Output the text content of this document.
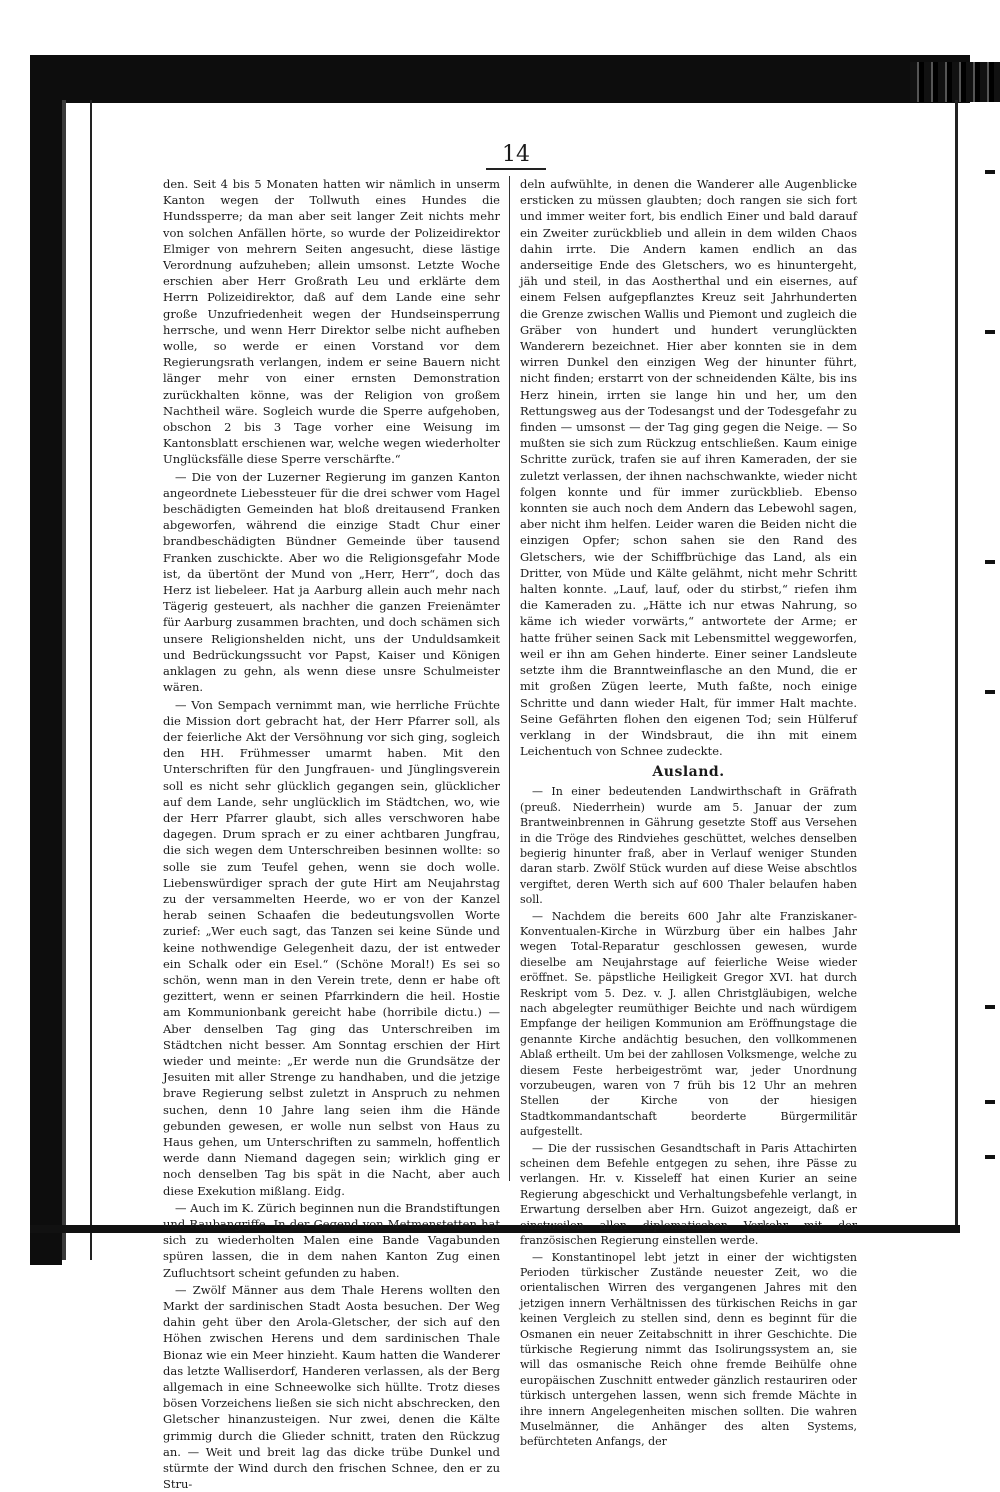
14

den. Seit 4 bis 5 Monaten hatten wir nämlich in unserm Kanton wegen der Tollwuth eines Hundes die Hundssperre; da man aber seit langer Zeit nichts mehr von solchen Anfällen hörte, so wurde der Polizeidirektor Elmiger von mehrern Seiten angesucht, diese lästige Verordnung aufzuheben; allein umsonst. Letzte Woche erschien aber Herr Großrath Leu und erklärte dem Herrn Polizeidirektor, daß auf dem Lande eine sehr große Unzufriedenheit wegen der Hundseinsperrung herrsche, und wenn Herr Direktor selbe nicht aufheben wolle, so werde er einen Vorstand vor dem Regierungsrath verlangen, indem er seine Bauern nicht länger mehr von einer ernsten Demonstration zurückhalten könne, was der Religion von großem Nachtheil wäre. Sogleich wurde die Sperre aufgehoben, obschon 2 bis 3 Tage vorher eine Weisung im Kantonsblatt erschienen war, welche wegen wiederholter Unglücksfälle diese Sperre verschärfte.“

— Die von der Luzerner Regierung im ganzen Kanton angeordnete Liebessteuer für die drei schwer vom Hagel beschädigten Gemeinden hat bloß dreitausend Franken abgeworfen, während die einzige Stadt Chur einer brandbeschädigten Bündner Gemeinde über tausend Franken zuschickte. Aber wo die Religionsgefahr Mode ist, da übertönt der Mund von „Herr, Herr“, doch das Herz ist liebeleer. Hat ja Aarburg allein auch mehr nach Tägerig gesteuert, als nachher die ganzen Freienämter für Aarburg zusammen brachten, und doch schämen sich unsere Religionshelden nicht, uns der Unduldsamkeit und Bedrückungssucht vor Papst, Kaiser und Königen anklagen zu gehn, als wenn diese unsre Schulmeister wären.

— Von Sempach vernimmt man, wie herrliche Früchte die Mission dort gebracht hat, der Herr Pfarrer soll, als der feierliche Akt der Versöhnung vor sich ging, sogleich den HH. Frühmesser umarmt haben. Mit den Unterschriften für den Jungfrauen- und Jünglingsverein soll es nicht sehr glücklich gegangen sein, glücklicher auf dem Lande, sehr unglücklich im Städtchen, wo, wie der Herr Pfarrer glaubt, sich alles verschworen habe dagegen. Drum sprach er zu einer achtbaren Jungfrau, die sich wegen dem Unterschreiben besinnen wollte: so solle sie zum Teufel gehen, wenn sie doch wolle. Liebenswürdiger sprach der gute Hirt am Neujahrstag zu der versammelten Heerde, wo er von der Kanzel herab seinen Schaafen die bedeutungsvollen Worte zurief: „Wer euch sagt, das Tanzen sei keine Sünde und keine nothwendige Gelegenheit dazu, der ist entweder ein Schalk oder ein Esel.“ (Schöne Moral!) Es sei so schön, wenn man in den Verein trete, denn er habe oft gezittert, wenn er seinen Pfarrkindern die heil. Hostie am Kommunionbank gereicht habe (horribile dictu.) — Aber denselben Tag ging das Unterschreiben im Städtchen nicht besser. Am Sonntag erschien der Hirt wieder und meinte: „Er werde nun die Grundsätze der Jesuiten mit aller Strenge zu handhaben, und die jetzige brave Regierung selbst zuletzt in Anspruch zu nehmen suchen, denn 10 Jahre lang seien ihm die Hände gebunden gewesen, er wolle nun selbst von Haus zu Haus gehen, um Unterschriften zu sammeln, hoffentlich werde dann Niemand dagegen sein; wirklich ging er noch denselben Tag bis spät in die Nacht, aber auch diese Exekution mißlang. Eidg.

— Auch im K. Zürich beginnen nun die Brandstiftungen und Raubangriffe. In der Gegend von Metmenstetten hat sich zu wiederholten Malen eine Bande Vagabunden spüren lassen, die in dem nahen Kanton Zug einen Zufluchtsort scheint gefunden zu haben.

— Zwölf Männer aus dem Thale Herens wollten den Markt der sardinischen Stadt Aosta besuchen. Der Weg dahin geht über den Arola-Gletscher, der sich auf den Höhen zwischen Herens und dem sardinischen Thale Bionaz wie ein Meer hinzieht. Kaum hatten die Wanderer das letzte Walliserdorf, Handeren verlassen, als der Berg allgemach in eine Schneewolke sich hüllte. Trotz dieses bösen Vorzeichens ließen sie sich nicht abschrecken, den Gletscher hinanzusteigen. Nur zwei, denen die Kälte grimmig durch die Glieder schnitt, traten den Rückzug an. — Weit und breit lag das dicke trübe Dunkel und stürmte der Wind durch den frischen Schnee, den er zu Stru-

deln aufwühlte, in denen die Wanderer alle Augenblicke ersticken zu müssen glaubten; doch rangen sie sich fort und immer weiter fort, bis endlich Einer und bald darauf ein Zweiter zurückblieb und allein in dem wilden Chaos dahin irrte. Die Andern kamen endlich an das anderseitige Ende des Gletschers, wo es hinuntergeht, jäh und steil, in das Aostherthal und ein eisernes, auf einem Felsen aufgepflanztes Kreuz seit Jahrhunderten die Grenze zwischen Wallis und Piemont und zugleich die Gräber von hundert und hundert verunglückten Wanderern bezeichnet. Hier aber konnten sie in dem wirren Dunkel den einzigen Weg der hinunter führt, nicht finden; erstarrt von der schneidenden Kälte, bis ins Herz hinein, irrten sie lange hin und her, um den Rettungsweg aus der Todesangst und der Todesgefahr zu finden — umsonst — der Tag ging gegen die Neige. — So mußten sie sich zum Rückzug entschließen. Kaum einige Schritte zurück, trafen sie auf ihren Kameraden, der sie zuletzt verlassen, der ihnen nachschwankte, wieder nicht folgen konnte und für immer zurückblieb. Ebenso konnten sie auch noch dem Andern das Lebewohl sagen, aber nicht ihm helfen. Leider waren die Beiden nicht die einzigen Opfer; schon sahen sie den Rand des Gletschers, wie der Schiffbrüchige das Land, als ein Dritter, von Müde und Kälte gelähmt, nicht mehr Schritt halten konnte. „Lauf, lauf, oder du stirbst,“ riefen ihm die Kameraden zu. „Hätte ich nur etwas Nahrung, so käme ich wieder vorwärts,“ antwortete der Arme; er hatte früher seinen Sack mit Lebensmittel weggeworfen, weil er ihn am Gehen hinderte. Einer seiner Landsleute setzte ihm die Branntweinflasche an den Mund, die er mit großen Zügen leerte, Muth faßte, noch einige Schritte und dann wieder Halt, für immer Halt machte. Seine Gefährten flohen den eigenen Tod; sein Hülferuf verklang in der Windsbraut, die ihn mit einem Leichentuch von Schnee zudeckte.

Ausland.

— In einer bedeutenden Landwirthschaft in Gräfrath (preuß. Niederrhein) wurde am 5. Januar der zum Brantweinbrennen in Gährung gesetzte Stoff aus Versehen in die Tröge des Rindviehes geschüttet, welches denselben begierig hinunter fraß, aber in Verlauf weniger Stunden daran starb. Zwölf Stück wurden auf diese Weise abschtlos vergiftet, deren Werth sich auf 600 Thaler belaufen haben soll.

— Nachdem die bereits 600 Jahr alte Franziskaner-Konventualen-Kirche in Würzburg über ein halbes Jahr wegen Total-Reparatur geschlossen gewesen, wurde dieselbe am Neujahrstage auf feierliche Weise wieder eröffnet. Se. päpstliche Heiligkeit Gregor XVI. hat durch Reskript vom 5. Dez. v. J. allen Christgläubigen, welche nach abgelegter reumüthiger Beichte und nach würdigem Empfange der heiligen Kommunion am Eröffnungstage die genannte Kirche andächtig besuchen, den vollkommenen Ablaß ertheilt. Um bei der zahllosen Volksmenge, welche zu diesem Feste herbeigeströmt war, jeder Unordnung vorzubeugen, waren von 7 früh bis 12 Uhr an mehren Stellen der Kirche von der hiesigen Stadtkommandantschaft beorderte Bürgermilitär aufgestellt.

— Die der russischen Gesandtschaft in Paris Attachirten scheinen dem Befehle entgegen zu sehen, ihre Pässe zu verlangen. Hr. v. Kisseleff hat einen Kurier an seine Regierung abgeschickt und Verhaltungsbefehle verlangt, in Erwartung derselben aber Hrn. Guizot angezeigt, daß er einstweilen allen diplomatischen Verkehr mit der französischen Regierung einstellen werde.

— Konstantinopel lebt jetzt in einer der wichtigsten Perioden türkischer Zustände neuester Zeit, wo die orientalischen Wirren des vergangenen Jahres mit den jetzigen innern Verhältnissen des türkischen Reichs in gar keinen Vergleich zu stellen sind, denn es beginnt für die Osmanen ein neuer Zeitabschnitt in ihrer Geschichte. Die türkische Regierung nimmt das Isolirungssystem an, sie will das osmanische Reich ohne fremde Beihülfe ohne europäischen Zuschnitt entweder gänzlich restauriren oder türkisch untergehen lassen, wenn sich fremde Mächte in ihre innern Angelegenheiten mischen sollten. Die wahren Muselmänner, die Anhänger des alten Systems, befürchteten Anfangs, der
